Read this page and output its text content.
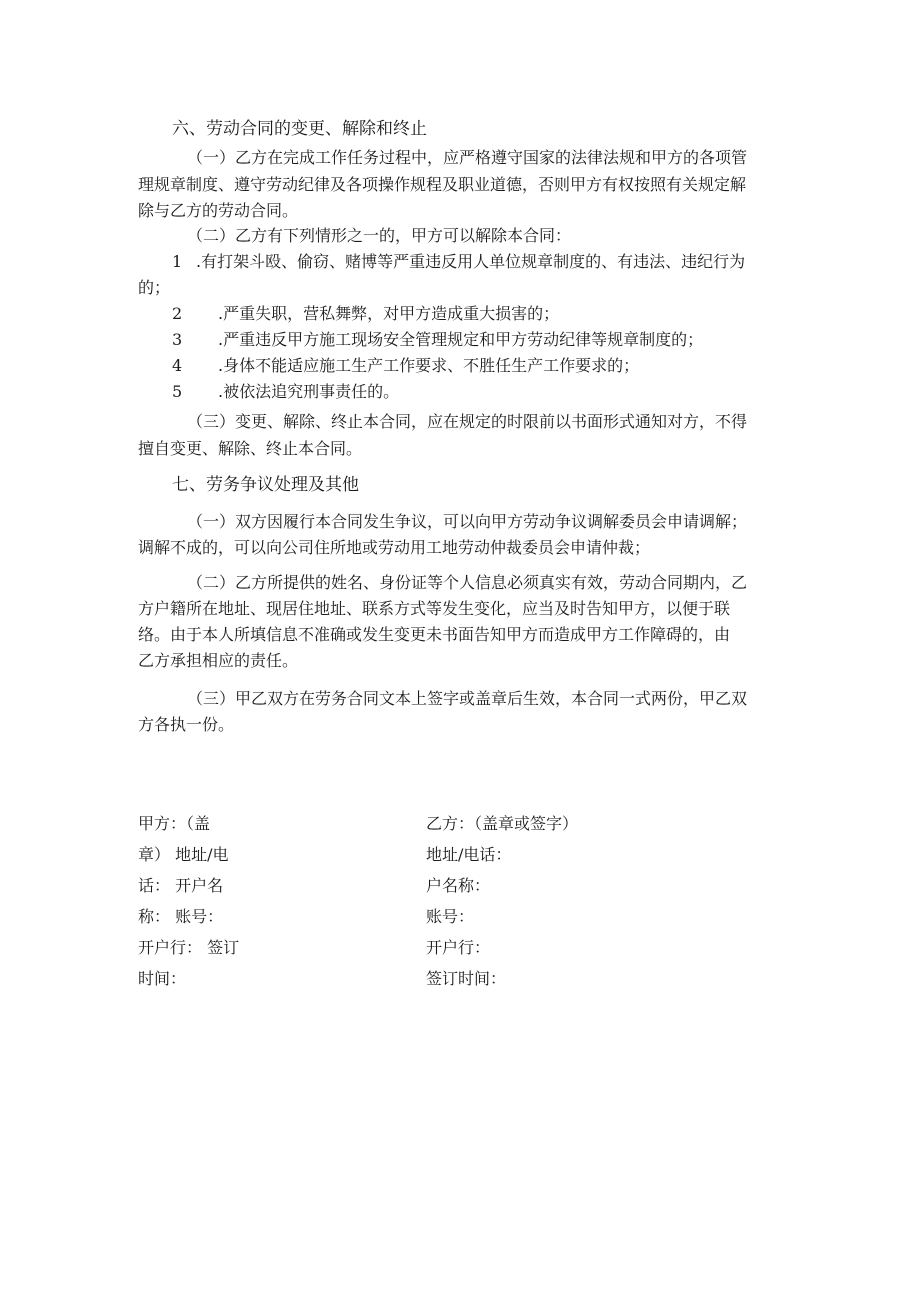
六、劳动合同的变更、解除和终止
（一）乙方在完成工作任务过程中，应严格遵守国家的法律法规和甲方的各项管
理规章制度、遵守劳动纪律及各项操作规程及职业道德，否则甲方有权按照有关规定解
除与乙方的劳动合同。
（二）乙方有下列情形之一的，甲方可以解除本合同：
1 .有打架斗殴、偷窃、赌博等严重违反用人单位规章制度的、有违法、违纪行为
的；
2 .严重失职，营私舞弊，对甲方造成重大损害的；
3 .严重违反甲方施工现场安全管理规定和甲方劳动纪律等规章制度的；
4 .身体不能适应施工生产工作要求、不胜任生产工作要求的；
5 .被依法追究刑事责任的。
（三）变更、解除、终止本合同，应在规定的时限前以书面形式通知对方，不得
擅自变更、解除、终止本合同。
七、劳务争议处理及其他
（一）双方因履行本合同发生争议，可以向甲方劳动争议调解委员会申请调解；
调解不成的，可以向公司住所地或劳动用工地劳动仲裁委员会申请仲裁；
（二）乙方所提供的姓名、身份证等个人信息必须真实有效，劳动合同期内，乙
方户籍所在地址、现居住地址、联系方式等发生变化，应当及时告知甲方，以便于联
络。由于本人所填信息不准确或发生变更未书面告知甲方而造成甲方工作障碍的，由
乙方承担相应的责任。
（三）甲乙双方在劳务合同文本上签字或盖章后生效，本合同一式两份，甲乙双
方各执一份。
甲方：（盖
章） 地址/电
话： 开户名
称： 账号：
开户行： 签订
时间：
乙方：（盖章或签字）
地址/电话：
户名称：
账号：
开户行：
签订时间：
